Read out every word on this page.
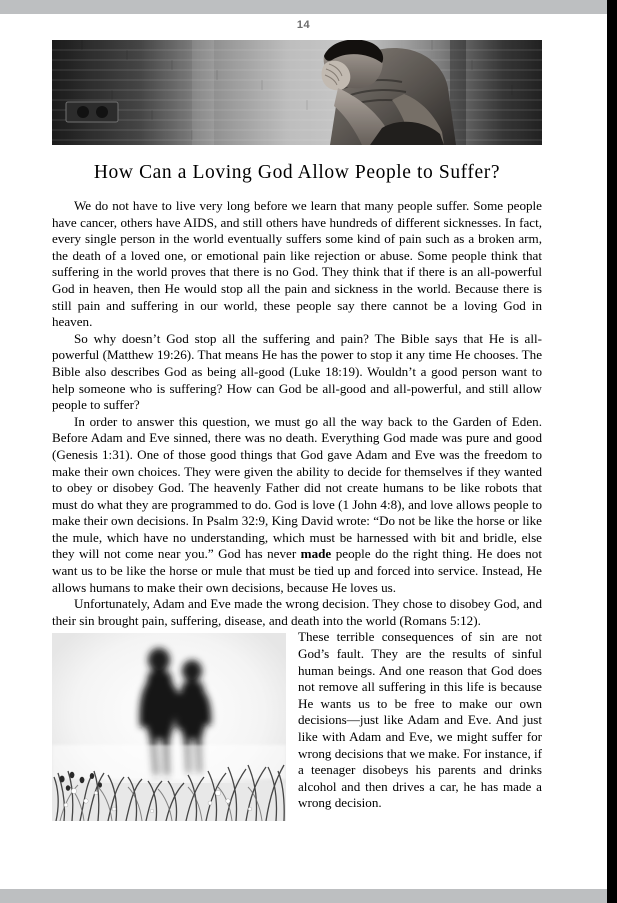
14
How Can a Loving God Allow People to Suffer?

We do not have to live very long before we learn that many people suffer. Some people have cancer, others have AIDS, and still others have hundreds of different sicknesses. In fact, every single person in the world eventually suffers some kind of pain such as a broken arm, the death of a loved one, or emotional pain like rejection or abuse. Some people think that suffering in the world proves that there is no God. They think that if there is an all-powerful God in heaven, then He would stop all the pain and sickness in the world. Because there is still pain and suffering in our world, these people say there cannot be a loving God in heaven.

So why doesn’t God stop all the suffering and pain? The Bible says that He is all-powerful (Matthew 19:26). That means He has the power to stop it any time He chooses. The Bible also describes God as being all-good (Luke 18:19). Wouldn’t a good person want to help someone who is suffering? How can God be all-good and all-powerful, and still allow people to suffer?

In order to answer this question, we must go all the way back to the Garden of Eden. Before Adam and Eve sinned, there was no death. Everything God made was pure and good (Genesis 1:31). One of those good things that God gave Adam and Eve was the freedom to make their own choices. They were given the ability to decide for themselves if they wanted to obey or disobey God. The heavenly Father did not create humans to be like robots that must do what they are programmed to do. God is love (1 John 4:8), and love allows people to make their own decisions. In Psalm 32:9, King David wrote: “Do not be like the horse or like the mule, which have no understanding, which must be harnessed with bit and bridle, else they will not come near you.” God has never made people do the right thing. He does not want us to be like the horse or mule that must be tied up and forced into service. Instead, He allows humans to make their own decisions, because He loves us.

Unfortunately, Adam and Eve made the wrong decision. They chose to disobey God, and their sin brought pain, suffering, disease, and death into the world (Romans 5:12).

These terrible consequences of sin are not God’s fault. They are the results of sinful human beings. And one reason that God does not remove all suffering in this life is because He wants us to be free to make our own decisions—just like Adam and Eve. And just like with Adam and Eve, we might suffer for wrong decisions that we make. For instance, if a teenager disobeys his parents and drinks alcohol and then drives a car, he has made a wrong decision.
